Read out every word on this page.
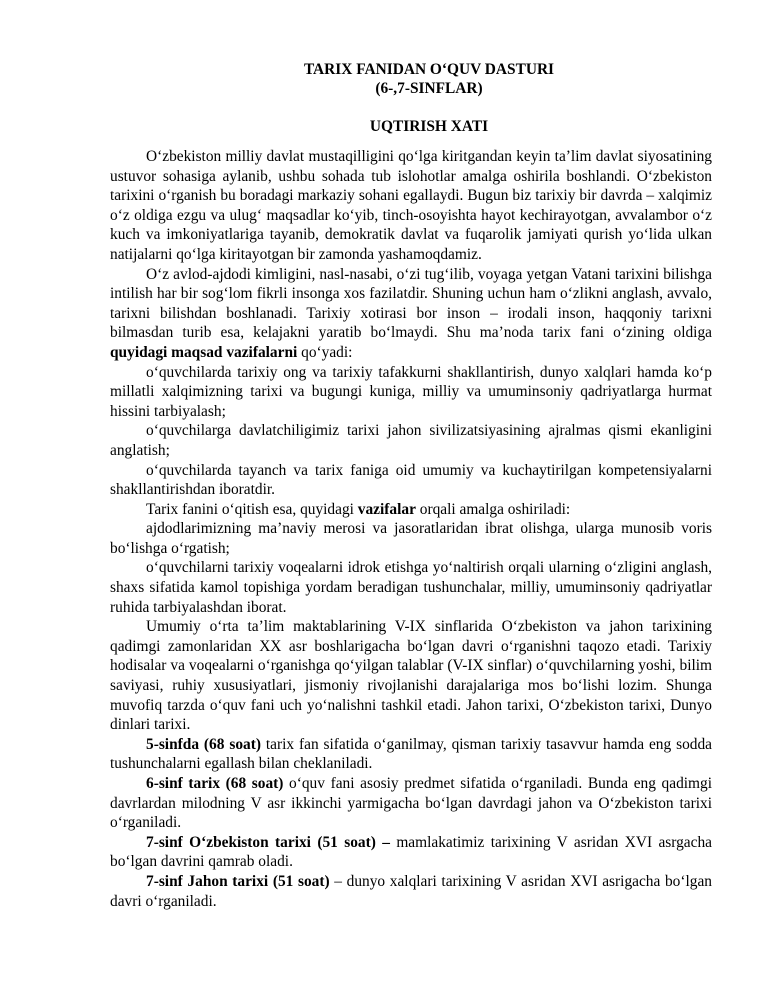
TARIX FANIDAN O‘QUV DASTURI

(6-,7-SINFLAR)
UQTIRISH XATI

O‘zbekiston milliy davlat mustaqilligini qo‘lga kiritgandan keyin ta’lim davlat siyosatining ustuvor sohasiga aylanib, ushbu sohada tub islohotlar amalga oshirila boshlandi. O‘zbekiston tarixini o‘rganish bu boradagi markaziy sohani egallaydi. Bugun biz tarixiy bir davrda – xalqimiz o‘z oldiga ezgu va ulug‘ maqsadlar ko‘yib, tinch-osoyishta hayot kechirayotgan, avvalambor o‘z kuch va imkoniyatlariga tayanib, demokratik davlat va fuqarolik jamiyati qurish yo‘lida ulkan natijalarni qo‘lga kiritayotgan bir zamonda yashamoqdamiz.

O‘z avlod-ajdodi kimligini, nasl-nasabi, o‘zi tug‘ilib, voyaga yetgan Vatani tarixini bilishga intilish har bir sog‘lom fikrli insonga xos fazilatdir. Shuning uchun ham o‘zlikni anglash, avvalo, tarixni bilishdan boshlanadi. Tarixiy xotirasi bor inson – irodali inson, haqqoniy tarixni bilmasdan turib esa, kelajakni yaratib bo‘lmaydi. Shu ma’noda tarix fani o‘zining oldiga quyidagi maqsad vazifalarni qo‘yadi:

o‘quvchilarda tarixiy ong va tarixiy tafakkurni shakllantirish, dunyo xalqlari hamda ko‘p millatli xalqimizning tarixi va bugungi kuniga, milliy va umuminsoniy qadriyatlarga hurmat hissini tarbiyalash;

o‘quvchilarga davlatchiligimiz tarixi jahon sivilizatsiyasining ajralmas qismi ekanligini anglatish;

o‘quvchilarda tayanch va tarix faniga oid umumiy va kuchaytirilgan kompetensiyalarni shakllantirishdan iboratdir.

Tarix fanini o‘qitish esa, quyidagi vazifalar orqali amalga oshiriladi:

ajdodlarimizning ma’naviy merosi va jasoratlaridan ibrat olishga, ularga munosib voris bo‘lishga o‘rgatish;

o‘quvchilarni tarixiy voqealarni idrok etishga yo‘naltirish orqali ularning o‘zligini anglash, shaxs sifatida kamol topishiga yordam beradigan tushunchalar, milliy, umuminsoniy qadriyatlar ruhida tarbiyalashdan iborat.

Umumiy o‘rta ta’lim maktablarining V-IX sinflarida O‘zbekiston va jahon tarixining qadimgi zamonlaridan XX asr boshlarigacha bo‘lgan davri o‘rganishni taqozo etadi. Tarixiy hodisalar va voqealarni o‘rganishga qo‘yilgan talablar (V-IX sinflar) o‘quvchilarning yoshi, bilim saviyasi, ruhiy xususiyatlari, jismoniy rivojlanishi darajalariga mos bo‘lishi lozim. Shunga muvofiq tarzda o‘quv fani uch yo‘nalishni tashkil etadi. Jahon tarixi, O‘zbekiston tarixi, Dunyo dinlari tarixi.

5-sinfda (68 soat) tarix fan sifatida o‘ganilmay, qisman tarixiy tasavvur hamda eng sodda tushunchalarni egallash bilan cheklaniladi.

6-sinf tarix (68 soat) o‘quv fani asosiy predmet sifatida o‘rganiladi. Bunda eng qadimgi davrlardan milodning V asr ikkinchi yarmigacha bo‘lgan davrdagi jahon va O‘zbekiston tarixi o‘rganiladi.

7-sinf O‘zbekiston tarixi (51 soat) – mamlakatimiz tarixining V asridan XVI asrgacha bo‘lgan davrini qamrab oladi.

7-sinf Jahon tarixi (51 soat) – dunyo xalqlari tarixining V asridan XVI asrigacha bo‘lgan davri o‘rganiladi.
